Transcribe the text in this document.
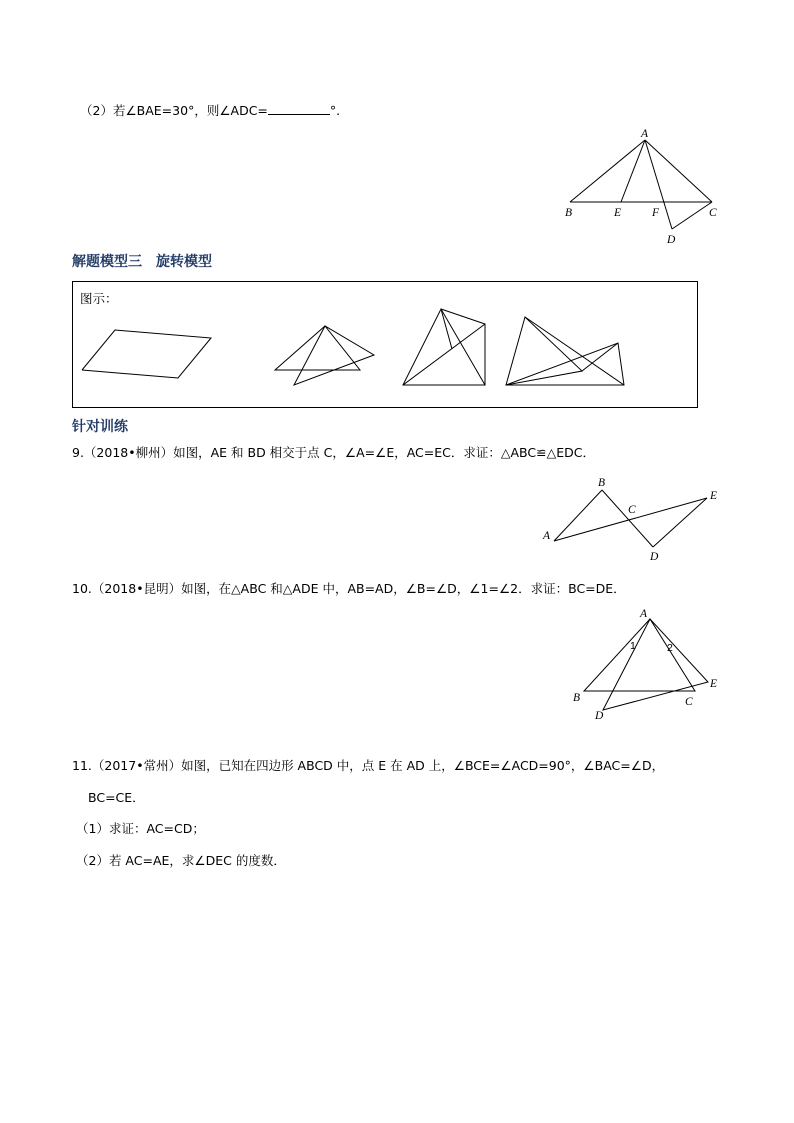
（2）若∠BAE=30°，则∠ADC=	°.
A
B	E	F	C
D
解题模型三　旋转模型
图示：
针对训练
9.（2018•柳州）如图，AE 和 BD 相交于点 C，∠A=∠E，AC=EC．求证：△ABC≌△EDC．
A
B
C
D
E
10.（2018•昆明）如图，在△ABC 和△ADE 中，AB=AD，∠B=∠D，∠1=∠2．求证：BC=DE．
A
B	C
D
E
1	2
11.（2017•常州）如图，已知在四边形 ABCD 中，点 E 在 AD 上，∠BCE=∠ACD=90°，∠BAC=∠D，
BC=CE．
（1）求证：AC=CD；
（2）若 AC=AE，求∠DEC 的度数．
